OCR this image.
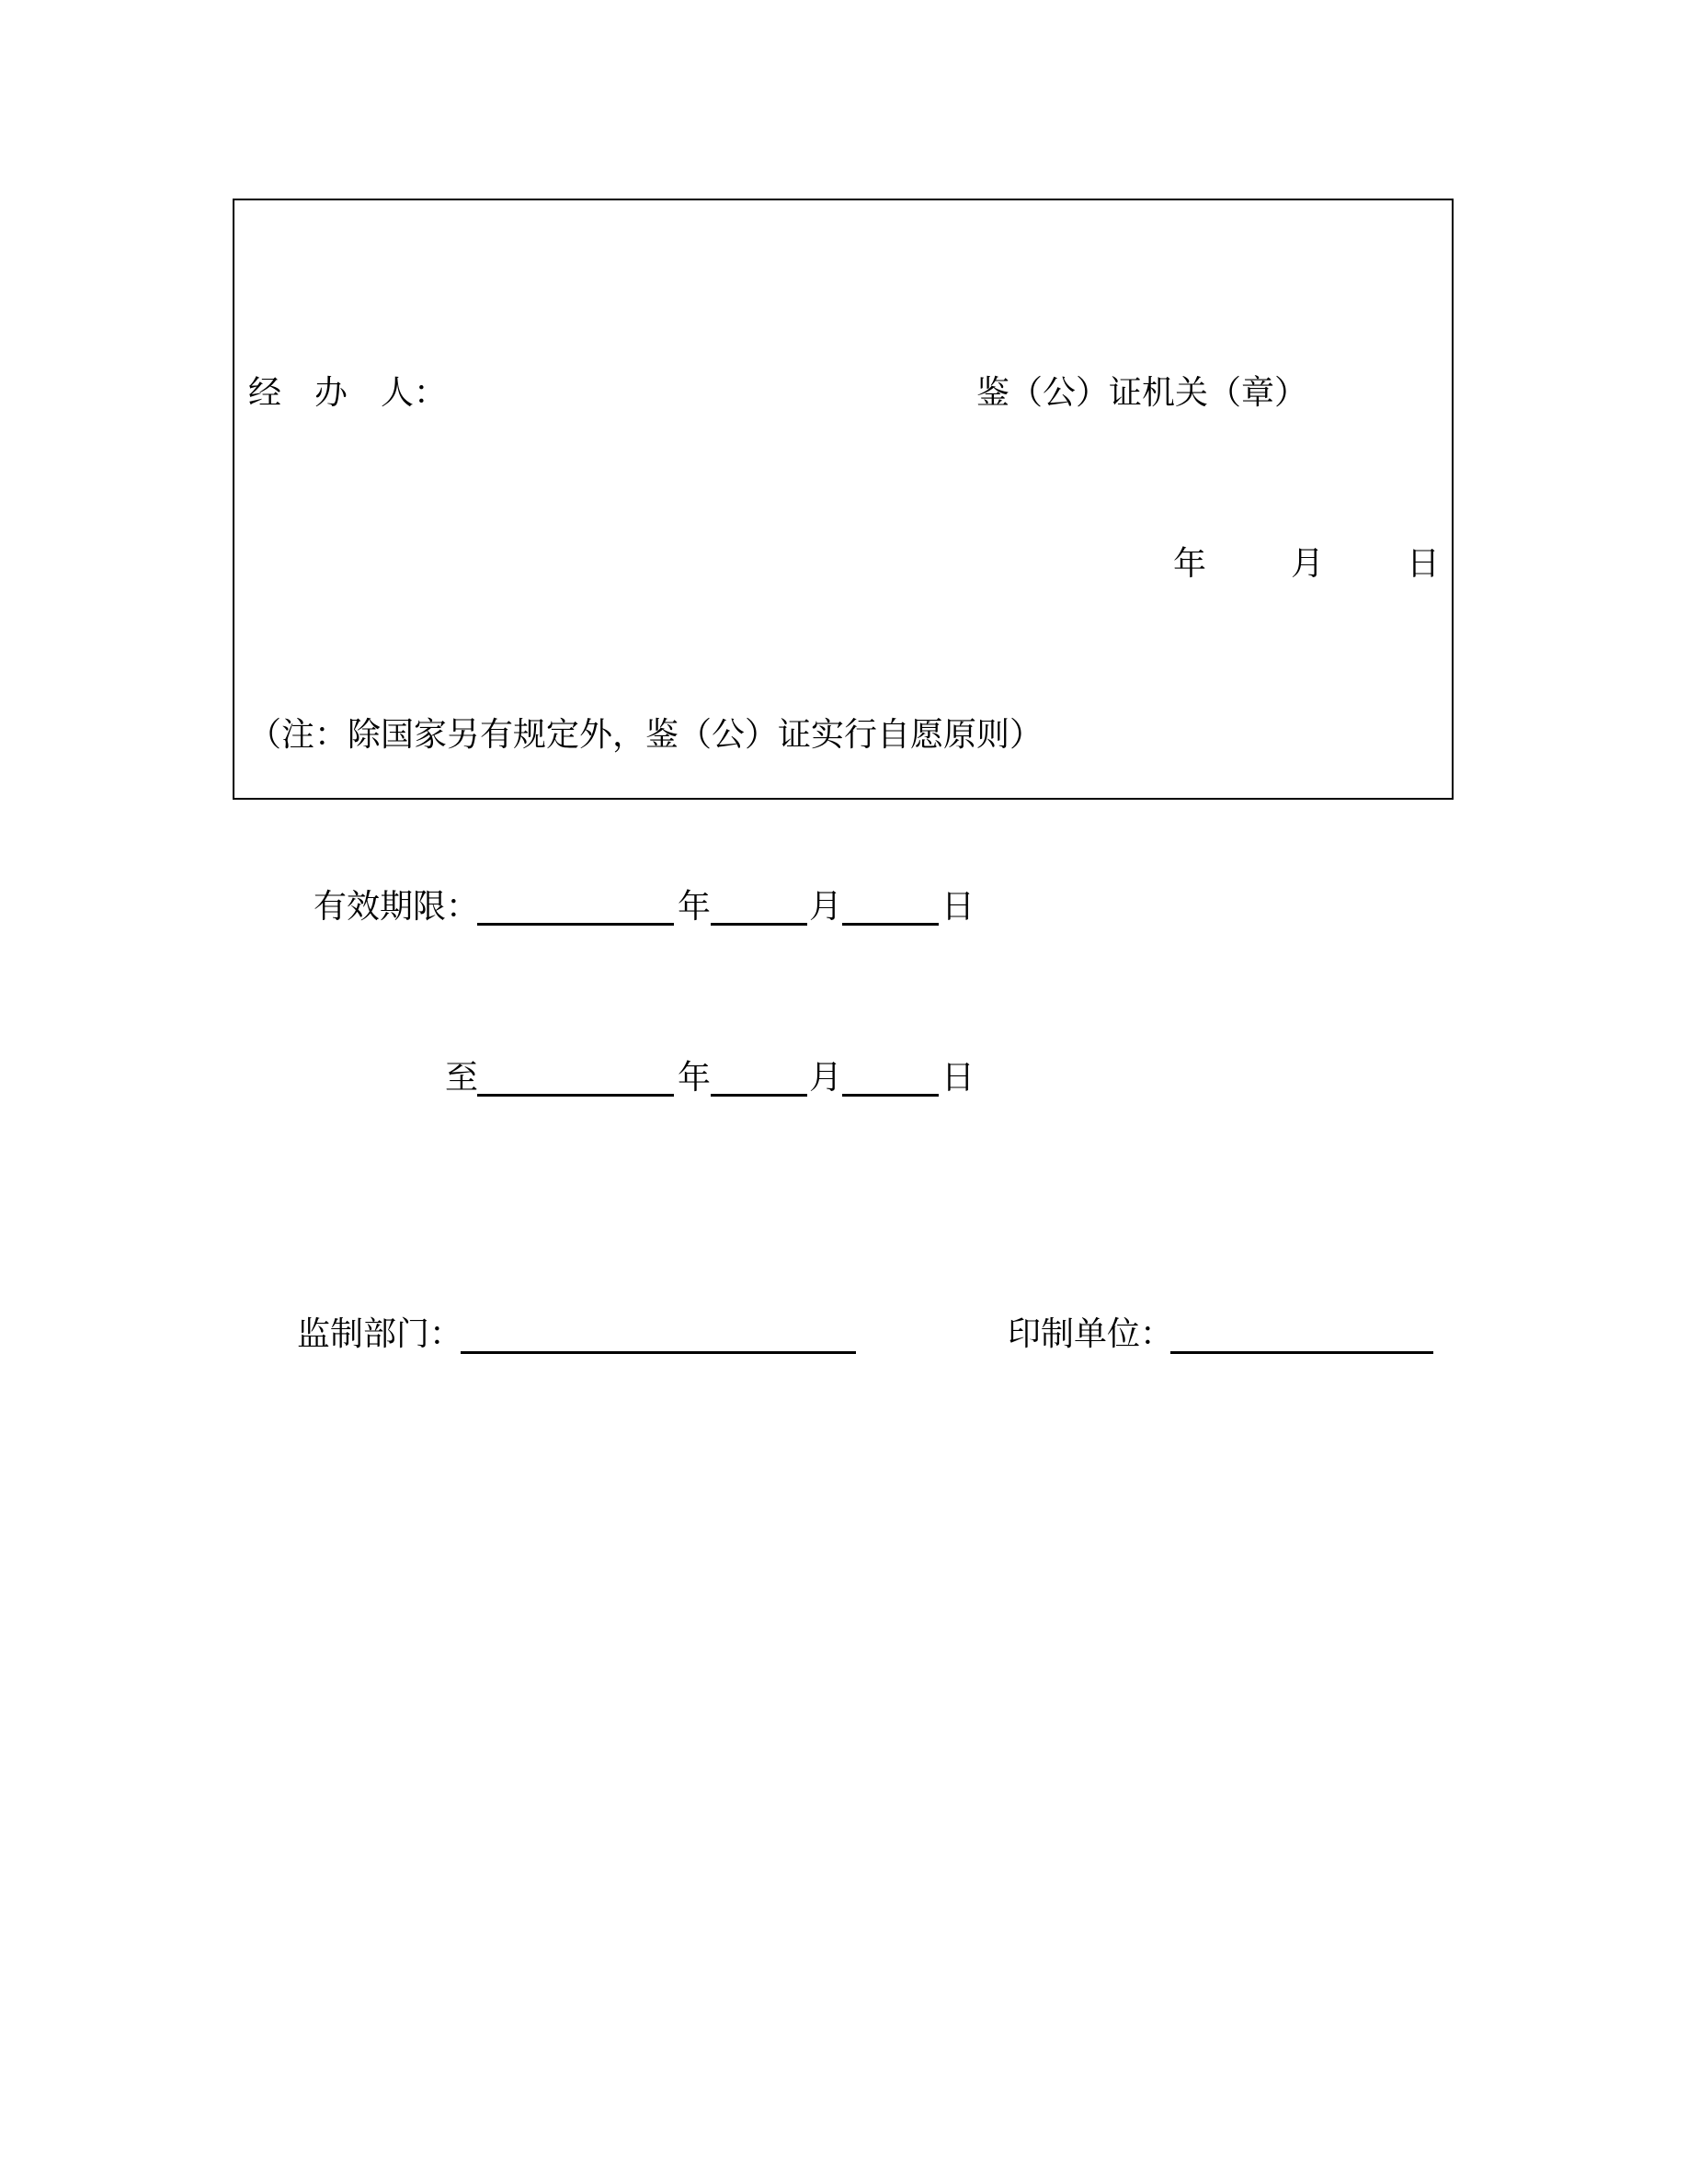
经　办　人：	鉴（公）证机关（章）
年	月 日
（注：除国家另有规定外，鉴（公）证实行自愿原则）
有效期限：	年	月	日
至	年	月	日
监制部门：	印制单位：
